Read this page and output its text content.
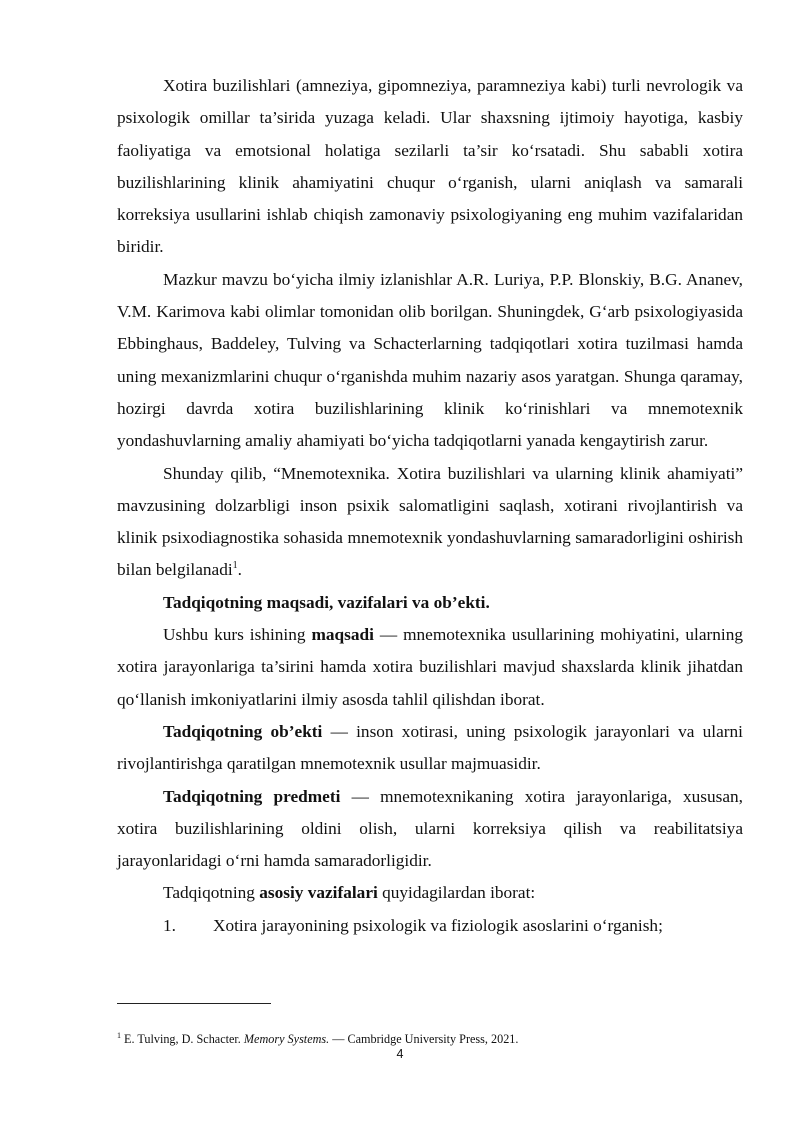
Xotira buzilishlari (amneziya, gipomneziya, paramneziya kabi) turli nevrologik va psixologik omillar ta’sirida yuzaga keladi. Ular shaxsning ijtimoiy hayotiga, kasbiy faoliyatiga va emotsional holatiga sezilarli ta’sir ko‘rsatadi. Shu sababli xotira buzilishlarining klinik ahamiyatini chuqur o‘rganish, ularni aniqlash va samarali korreksiya usullarini ishlab chiqish zamonaviy psixologiyaning eng muhim vazifalaridan biridir.

Mazkur mavzu bo‘yicha ilmiy izlanishlar A.R. Luriya, P.P. Blonskiy, B.G. Ananev, V.M. Karimova kabi olimlar tomonidan olib borilgan. Shuningdek, G‘arb psixologiyasida Ebbinghaus, Baddeley, Tulving va Schacterlarning tadqiqotlari xotira tuzilmasi hamda uning mexanizmlarini chuqur o‘rganishda muhim nazariy asos yaratgan. Shunga qaramay, hozirgi davrda xotira buzilishlarining klinik ko‘rinishlari va mnemotexnik yondashuvlarning amaliy ahamiyati bo‘yicha tadqiqotlarni yanada kengaytirish zarur.

Shunday qilib, “Mnemotexnika. Xotira buzilishlari va ularning klinik ahamiyati” mavzusining dolzarbligi inson psixik salomatligini saqlash, xotirani rivojlantirish va klinik psixodiagnostika sohasida mnemotexnik yondashuvlarning samaradorligini oshirish bilan belgilanadi$^1$.

Tadqiqotning maqsadi, vazifalari va ob’ekti.

Ushbu kurs ishining maqsadi — mnemotexnika usullarining mohiyatini, ularning xotira jarayonlariga ta’sirini hamda xotira buzilishlari mavjud shaxslarda klinik jihatdan qo‘llanish imkoniyatlarini ilmiy asosda tahlil qilishdan iborat.

Tadqiqotning ob’ekti — inson xotirasi, uning psixologik jarayonlari va ularni rivojlantirishga qaratilgan mnemotexnik usullar majmuasidir.

Tadqiqotning predmeti — mnemotexnikaning xotira jarayonlariga, xususan, xotira buzilishlarining oldini olish, ularni korreksiya qilish va reabilitatsiya jarayonlaridagi o‘rni hamda samaradorligidir.

Tadqiqotning asosiy vazifalari quyidagilardan iborat:

1.	Xotira jarayonining psixologik va fiziologik asoslarini o‘rganish;
$^1$ E. Tulving, D. Schacter. Memory Systems. — Cambridge University Press, 2021.
4
